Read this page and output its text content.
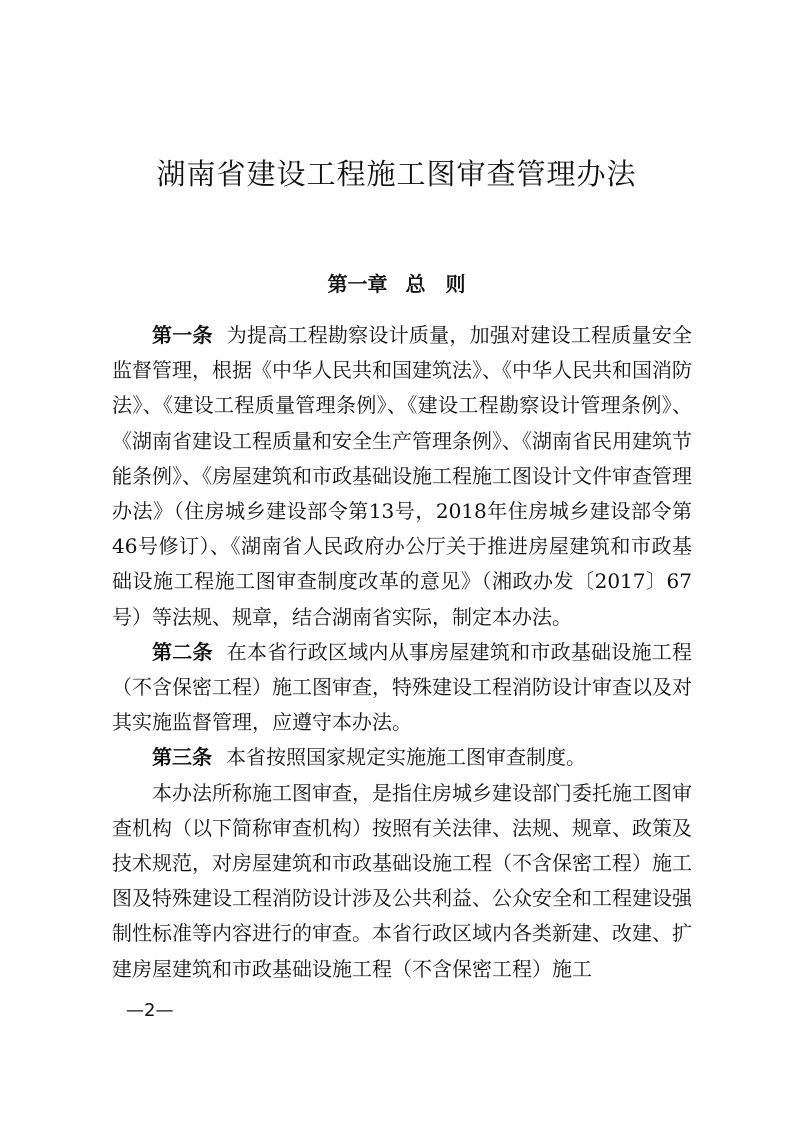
湖南省建设工程施工图审查管理办法
第一章 总　则

第一条 为提高工程勘察设计质量，加强对建设工程质量安全监督管理，根据《中华人民共和国建筑法》、《中华人民共和国消防法》、《建设工程质量管理条例》、《建设工程勘察设计管理条例》、《湖南省建设工程质量和安全生产管理条例》、《湖南省民用建筑节能条例》、《房屋建筑和市政基础设施工程施工图设计文件审查管理办法》（住房城乡建设部令第13号，2018年住房城乡建设部令第46号修订）、《湖南省人民政府办公厅关于推进房屋建筑和市政基础设施工程施工图审查制度改革的意见》（湘政办发〔2017〕67号）等法规、规章，结合湖南省实际，制定本办法。

第二条 在本省行政区域内从事房屋建筑和市政基础设施工程（不含保密工程）施工图审查，特殊建设工程消防设计审查以及对其实施监督管理，应遵守本办法。

第三条 本省按照国家规定实施施工图审查制度。

本办法所称施工图审查，是指住房城乡建设部门委托施工图审查机构（以下简称审查机构）按照有关法律、法规、规章、政策及技术规范，对房屋建筑和市政基础设施工程（不含保密工程）施工图及特殊建设工程消防设计涉及公共利益、公众安全和工程建设强制性标准等内容进行的审查。本省行政区域内各类新建、改建、扩建房屋建筑和市政基础设施工程（不含保密工程）施工

—2—
